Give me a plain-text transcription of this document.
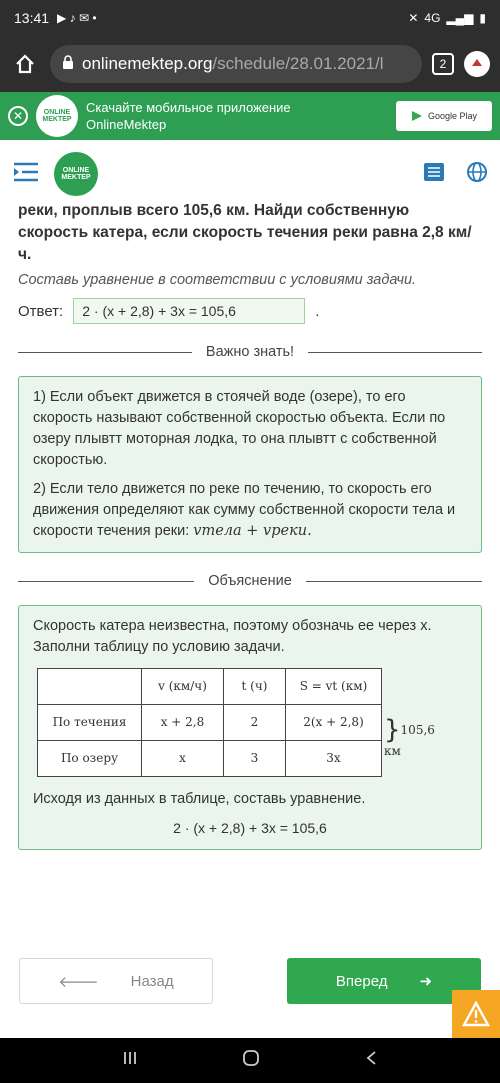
13:41 ▶ ♪ ✉ •	✕ 4G ▂▄▆ ▮
onlinemektep.org/schedule/28.01.2021/l	2
✕	ONLINE
MEKTEP
Скачайте мобильное приложение
OnlineMektep
Google Play
ONLINE
MEKTEP
реки, проплыв всего 105,6 км. Найди собственную скорость катера, если скорость течения реки равна 2,8 км/ч.
Составь уравнение в соответствии с условиями задачи.
Ответ:	2 · (x + 2,8) + 3x = 105,6	.
Важно знать!

1) Если объект движется в стоячей воде (озере), то его скорость называют собственной скоростью объекта. Если по озеру плывтт моторная лодка, то она плывтт с собственной скоростью.

2) Если тело движется по реке по течению, то скорость его движения определяют как сумму собственной скорости тела и скорости течения реки: vтела + vреки.

Объяснение

Скорость катера неизвестна, поэтому обозначь ее через x. Заполни таблицу по условию задачи.

	v (км/ч)	t (ч)	S = vt (км)	
По течения	x + 2,8	2	2(x + 2,8)	}105,6 км
По озеру	x	3	3x	

Исходя из данных в таблице, составь уравнение.

2 · (x + 2,8) + 3x = 105,6

🡐 Назад	Вперед ➜
